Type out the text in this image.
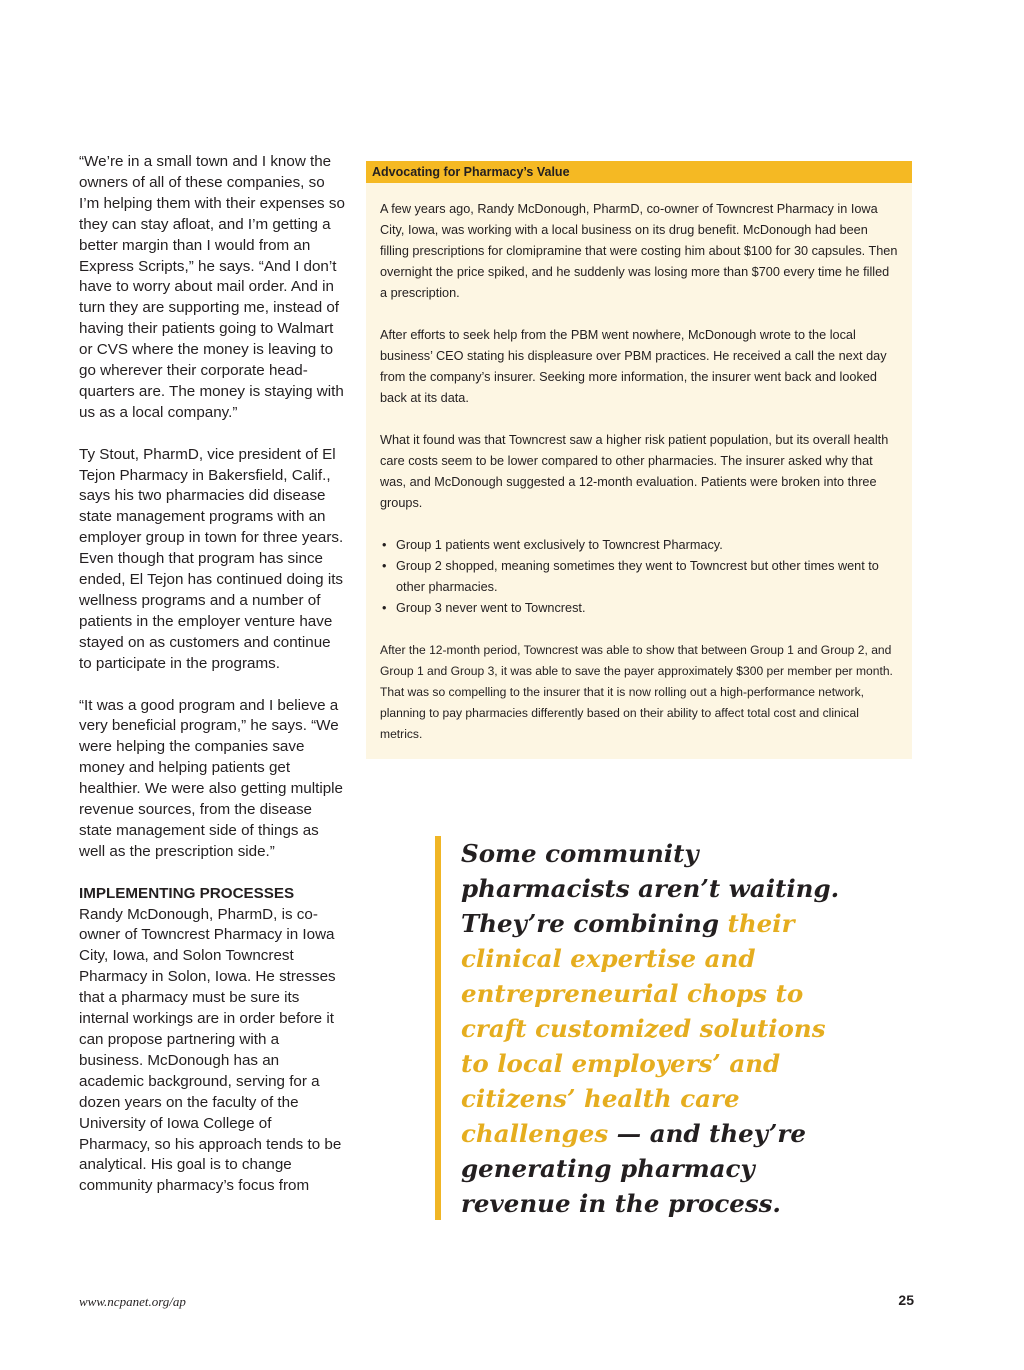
“We’re in a small town and I know the owners of all of these companies, so I’m helping them with their expenses so they can stay afloat, and I’m getting a better margin than I would from an Express Scripts,” he says. “And I don’t have to worry about mail order. And in turn they are supporting me, instead of having their patients going to Walmart or CVS where the money is leaving to go wherever their corporate headquarters are. The money is staying with us as a local company.”

Ty Stout, PharmD, vice president of El Tejon Pharmacy in Bakersfield, Calif., says his two pharmacies did disease state management programs with an employer group in town for three years. Even though that program has since ended, El Tejon has continued doing its wellness programs and a number of patients in the employer venture have stayed on as customers and continue to participate in the programs.

“It was a good program and I believe a very beneficial program,” he says. “We were helping the companies save money and helping patients get healthier. We were also getting multiple revenue sources, from the disease state management side of things as well as the prescription side.”

IMPLEMENTING PROCESSES

Randy McDonough, PharmD, is co-owner of Towncrest Pharmacy in Iowa City, Iowa, and Solon Towncrest Pharmacy in Solon, Iowa. He stresses that a pharmacy must be sure its internal workings are in order before it can propose partnering with a business. McDonough has an academic background, serving for a dozen years on the faculty of the University of Iowa College of Pharmacy, so his approach tends to be analytical. His goal is to change community pharmacy’s focus from

Advocating for Pharmacy’s Value

A few years ago, Randy McDonough, PharmD, co-owner of Towncrest Pharmacy in Iowa City, Iowa, was working with a local business on its drug benefit. McDonough had been filling prescriptions for clomipramine that were costing him about $100 for 30 capsules. Then overnight the price spiked, and he suddenly was losing more than $700 every time he filled a prescription.

After efforts to seek help from the PBM went nowhere, McDonough wrote to the local business’ CEO stating his displeasure over PBM practices. He received a call the next day from the company’s insurer. Seeking more information, the insurer went back and looked back at its data.

What it found was that Towncrest saw a higher risk patient population, but its overall health care costs seem to be lower compared to other pharmacies. The insurer asked why that was, and McDonough suggested a 12-month evaluation. Patients were broken into three groups.

• Group 1 patients went exclusively to Towncrest Pharmacy.
• Group 2 shopped, meaning sometimes they went to Towncrest but other times went to other pharmacies.
• Group 3 never went to Towncrest.

After the 12-month period, Towncrest was able to show that between Group 1 and Group 2, and Group 1 and Group 3, it was able to save the payer approximately $300 per member per month. That was so compelling to the insurer that it is now rolling out a high-performance network, planning to pay pharmacies differently based on their ability to affect total cost and clinical metrics.

Some community pharmacists aren’t waiting. They’re combining their clinical expertise and entrepreneurial chops to craft customized solutions to local employers’ and citizens’ health care challenges — and they’re generating pharmacy revenue in the process.

www.ncpanet.org/ap	25
